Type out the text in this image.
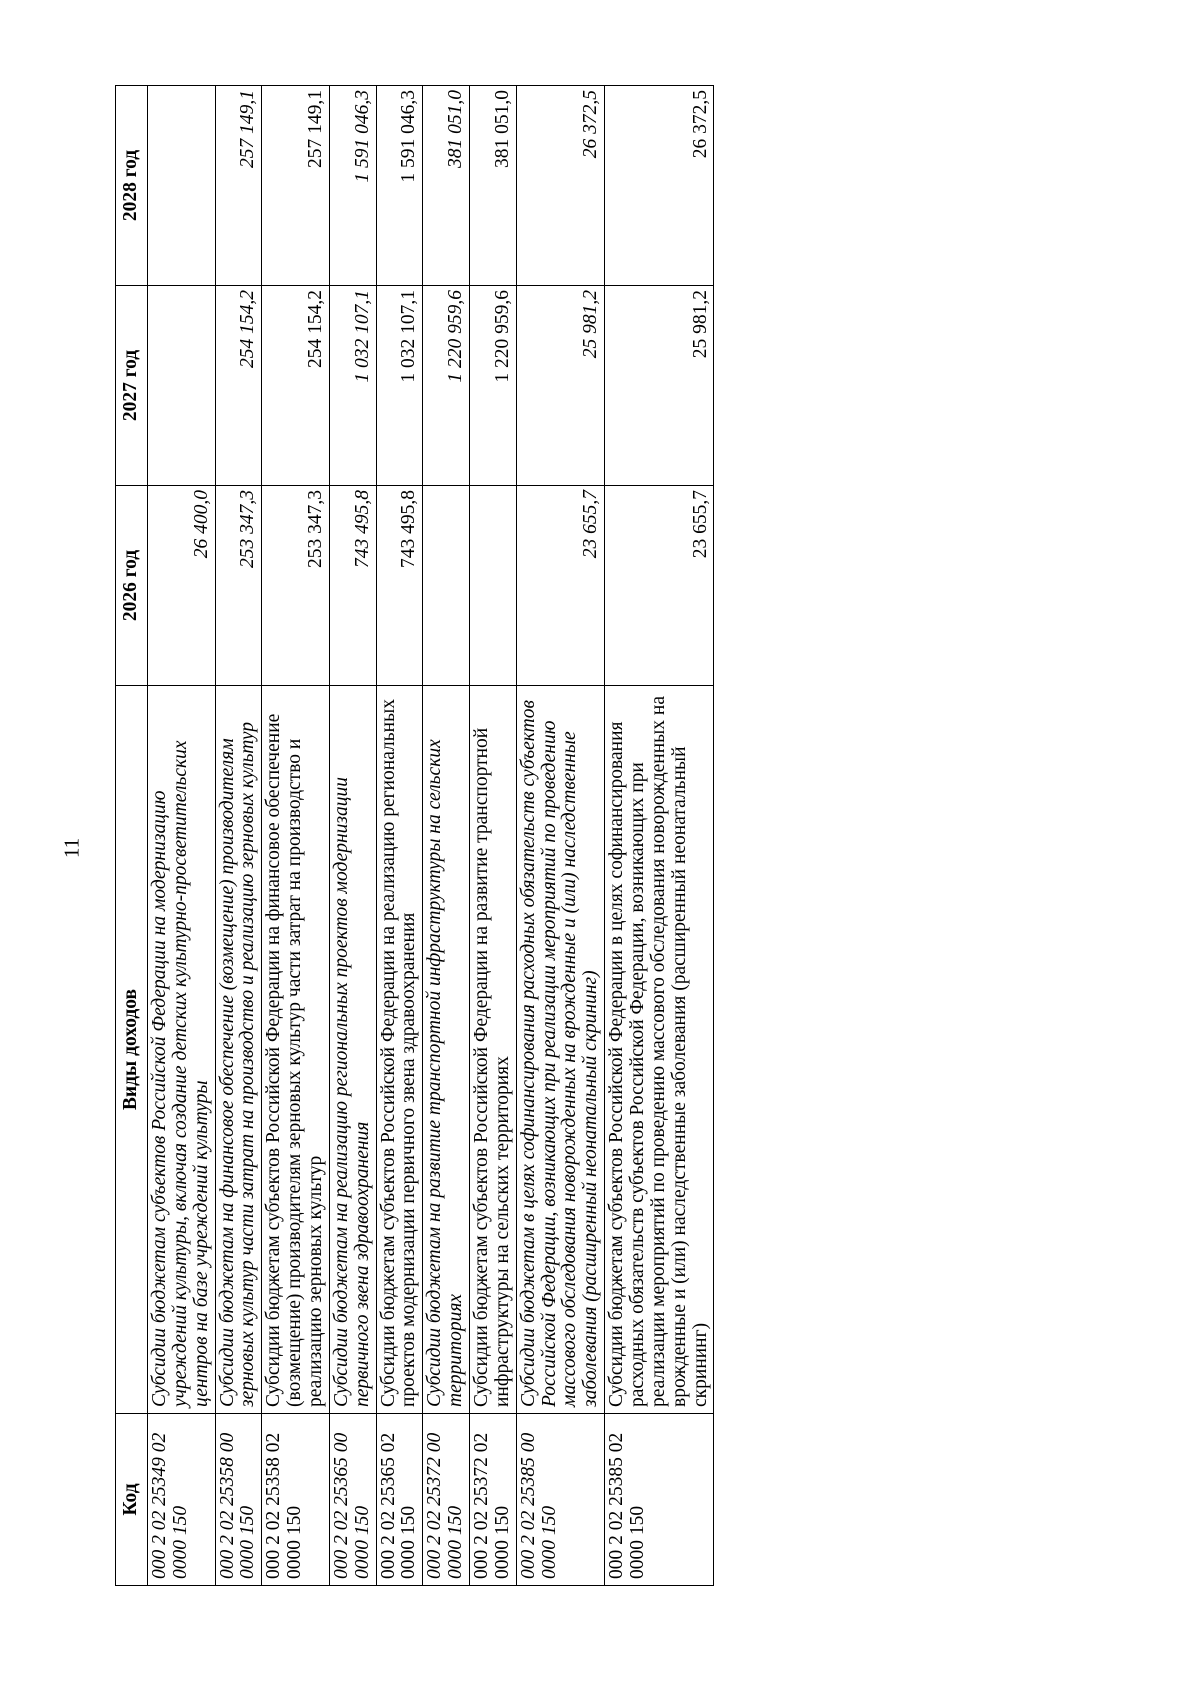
11
Код	Виды доходов	2026 год	2027 год	2028 год
000 2 02 25349 02 0000 150	Субсидии бюджетам субъектов Российской Федерации на модернизацию учреждений культуры, включая создание детских культурно-просветительских центров на базе учреждений культуры	26 400,0		
000 2 02 25358 00 0000 150	Субсидии бюджетам на финансовое обеспечение (возмещение) производителям зерновых культур части затрат на производство и реализацию зерновых культур	253 347,3	254 154,2	257 149,1
000 2 02 25358 02 0000 150	Субсидии бюджетам субъектов Российской Федерации на финансовое обеспечение (возмещение) производителям зерновых культур части затрат на производство и реализацию зерновых культур	253 347,3	254 154,2	257 149,1
000 2 02 25365 00 0000 150	Субсидии бюджетам на реализацию региональных проектов модернизации первичного звена здравоохранения	743 495,8	1 032 107,1	1 591 046,3
000 2 02 25365 02 0000 150	Субсидии бюджетам субъектов Российской Федерации на реализацию региональных проектов модернизации первичного звена здравоохранения	743 495,8	1 032 107,1	1 591 046,3
000 2 02 25372 00 0000 150	Субсидии бюджетам на развитие транспортной инфраструктуры на сельских территориях		1 220 959,6	381 051,0
000 2 02 25372 02 0000 150	Субсидии бюджетам субъектов Российской Федерации на развитие транспортной инфраструктуры на сельских территориях		1 220 959,6	381 051,0
000 2 02 25385 00 0000 150	Субсидии бюджетам в целях софинансирования расходных обязательств субъектов Российской Федерации, возникающих при реализации мероприятий по проведению массового обследования новорожденных на врожденные и (или) наследственные заболевания (расширенный неонатальный скрининг)	23 655,7	25 981,2	26 372,5
000 2 02 25385 02 0000 150	Субсидии бюджетам субъектов Российской Федерации в целях софинансирования расходных обязательств субъектов Российской Федерации, возникающих при реализации мероприятий по проведению массового обследования новорожденных на врожденные и (или) наследственные заболевания (расширенный неонатальный скрининг)	23 655,7	25 981,2	26 372,5
